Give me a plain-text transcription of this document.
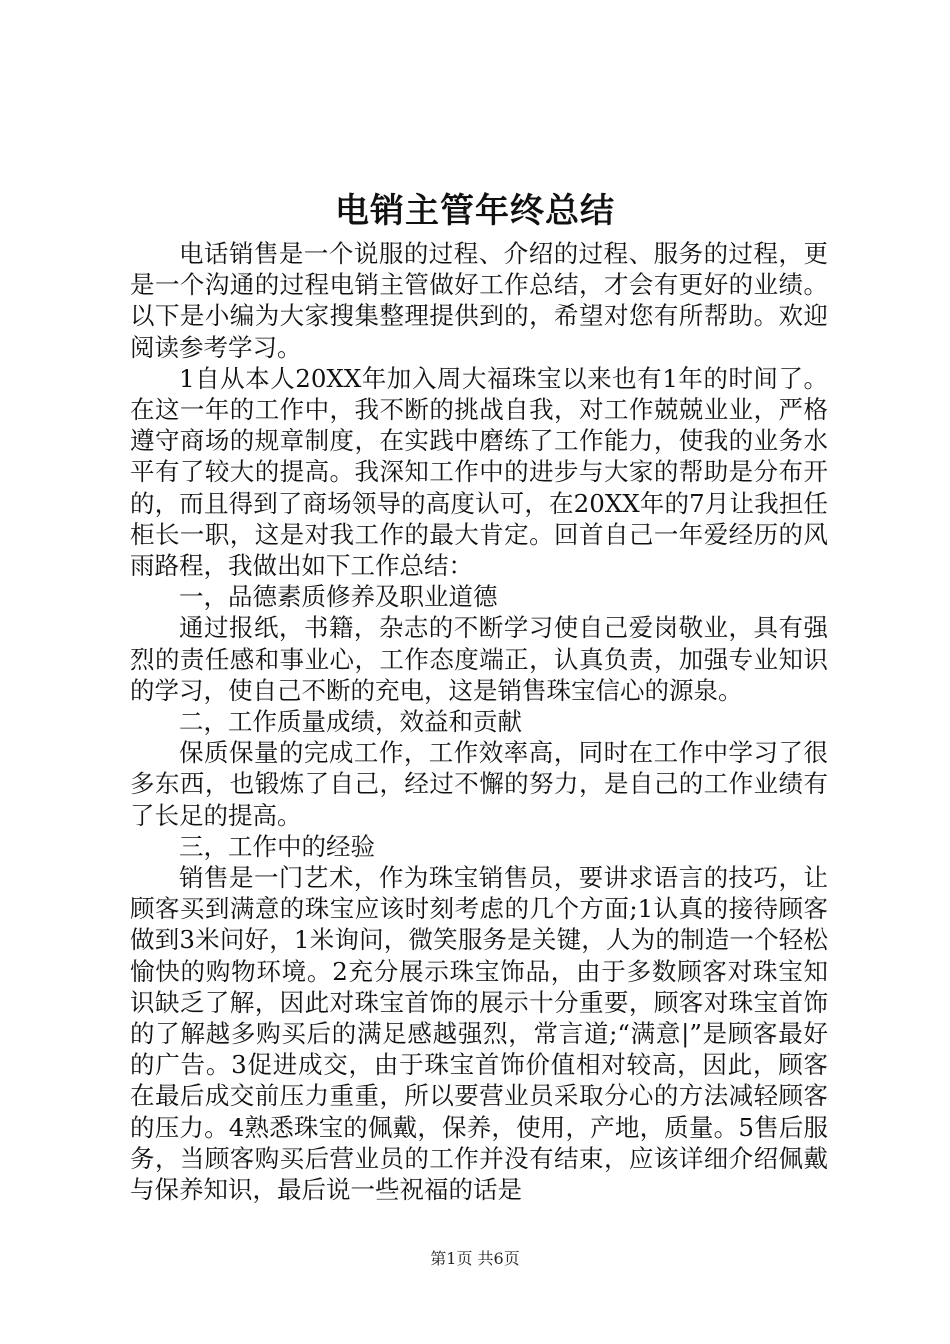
电销主管年终总结

电话销售是一个说服的过程、介绍的过程、服务的过程，更是一个沟通的过程电销主管做好工作总结，才会有更好的业绩。以下是小编为大家搜集整理提供到的，希望对您有所帮助。欢迎阅读参考学习。

1自从本人20XX年加入周大福珠宝以来也有1年的时间了。在这一年的工作中，我不断的挑战自我，对工作兢兢业业，严格遵守商场的规章制度，在实践中磨练了工作能力，使我的业务水平有了较大的提高。我深知工作中的进步与大家的帮助是分布开的，而且得到了商场领导的高度认可，在20XX年的7月让我担任柜长一职，这是对我工作的最大肯定。回首自己一年爱经历的风雨路程，我做出如下工作总结：

一，品德素质修养及职业道德

通过报纸，书籍，杂志的不断学习使自己爱岗敬业，具有强烈的责任感和事业心，工作态度端正，认真负责，加强专业知识的学习，使自己不断的充电，这是销售珠宝信心的源泉。

二，工作质量成绩，效益和贡献

保质保量的完成工作，工作效率高，同时在工作中学习了很多东西，也锻炼了自己，经过不懈的努力，是自己的工作业绩有了长足的提高。

三，工作中的经验

销售是一门艺术，作为珠宝销售员，要讲求语言的技巧，让顾客买到满意的珠宝应该时刻考虑的几个方面;1认真的接待顾客做到3米问好，1米询问，微笑服务是关键，人为的制造一个轻松愉快的购物环境。2充分展示珠宝饰品，由于多数顾客对珠宝知识缺乏了解，因此对珠宝首饰的展示十分重要，顾客对珠宝首饰的了解越多购买后的满足感越强烈，常言道;“满意|”是顾客最好的广告。3促进成交，由于珠宝首饰价值相对较高，因此，顾客在最后成交前压力重重，所以要营业员采取分心的方法减轻顾客的压力。4熟悉珠宝的佩戴，保养，使用，产地，质量。5售后服务，当顾客购买后营业员的工作并没有结束，应该详细介绍佩戴与保养知识，最后说一些祝福的话是

第1页 共6页
